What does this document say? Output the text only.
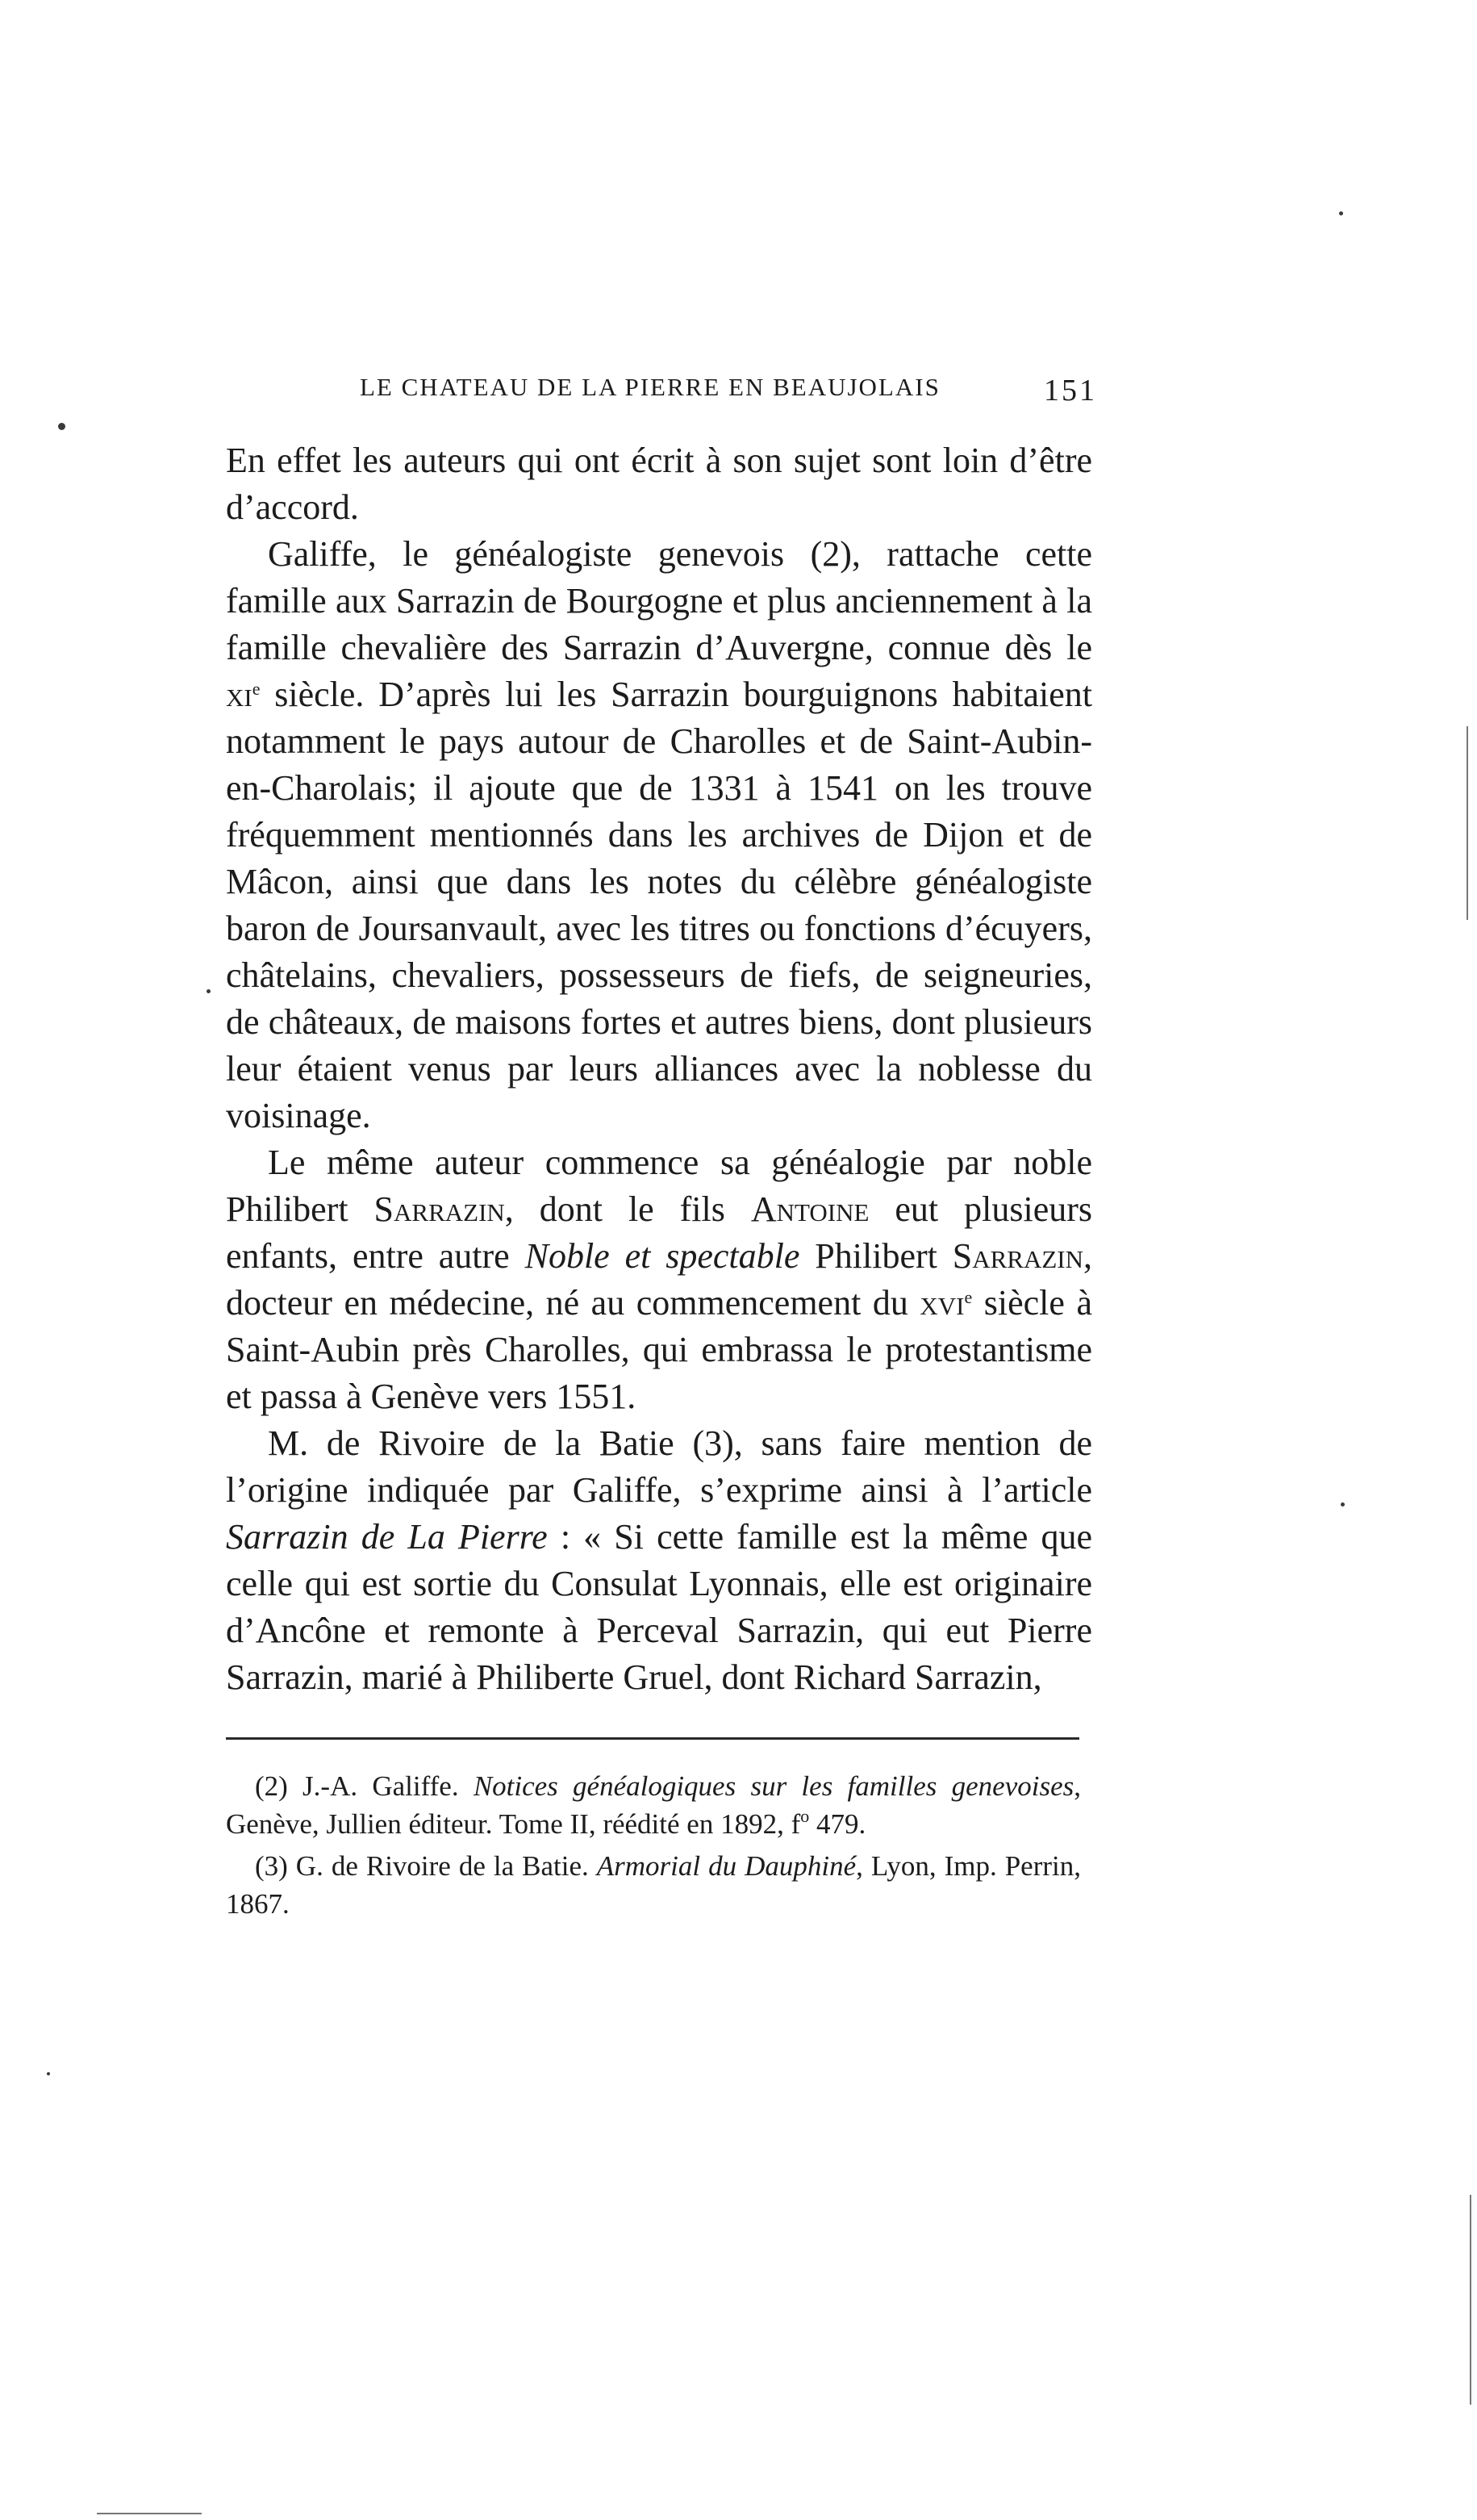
LE CHATEAU DE LA PIERRE EN BEAUJOLAIS	151

En effet les auteurs qui ont écrit à son sujet sont loin d’être d’accord.

Galiffe, le généalogiste genevois (2), rattache cette famille aux Sarrazin de Bourgogne et plus anciennement à la famille chevalière des Sarrazin d’Auvergne, connue dès le $xi^e$ siècle. D’après lui les Sarrazin bourguignons habitaient notamment le pays autour de Charolles et de Saint-Aubin-en-Charolais; il ajoute que de 1331 à 1541 on les trouve fréquemment mentionnés dans les archives de Dijon et de Mâcon, ainsi que dans les notes du célèbre généalogiste baron de Joursanvault, avec les titres ou fonctions d’écuyers, châtelains, chevaliers, possesseurs de fiefs, de seigneuries, de châteaux, de maisons fortes et autres biens, dont plusieurs leur étaient venus par leurs alliances avec la noblesse du voisinage.

Le même auteur commence sa généalogie par noble Philibert Sarrazin, dont le fils Antoine eut plusieurs enfants, entre autre Noble et spectable Philibert Sarrazin, docteur en médecine, né au commencement du xvi$^e$ siècle à Saint-Aubin près Charolles, qui embrassa le protestantisme et passa à Genève vers 1551.

M. de Rivoire de la Batie (3), sans faire mention de l’origine indiquée par Galiffe, s’exprime ainsi à l’article Sarrazin de La Pierre : « Si cette famille est la même que celle qui est sortie du Consulat Lyonnais, elle est originaire d’Ancône et remonte à Perceval Sarrazin, qui eut Pierre Sarrazin, marié à Philiberte Gruel, dont Richard Sarrazin,

(2) J.-A. Galiffe. Notices généalogiques sur les familles genevoises, Genève, Jullien éditeur. Tome II, réédité en 1892, $f^o$ 479.

(3) G. de Rivoire de la Batie. Armorial du Dauphiné, Lyon, Imp. Perrin, 1867.
